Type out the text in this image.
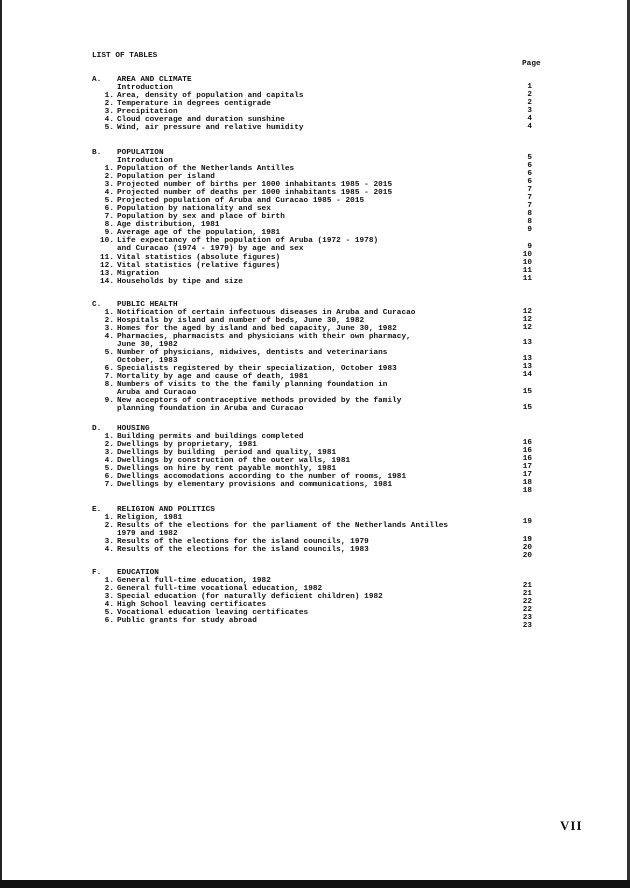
LIST OF TABLES
Page
A. AREA AND CLIMATE
Introduction
1. Area, density of population and capitals
2. Temperature in degrees centigrade
3. Precipitation
4. Cloud coverage and duration sunshine
5. Wind, air pressure and relative humidity
1
2
2
3
4
4
B. POPULATION
Introduction
1. Population of the Netherlands Antilles
2. Population per island
3. Projected number of births per 1000 inhabitants 1985 - 2015
4. Projected number of deaths per 1000 inhabitants 1985 - 2015
5. Projected population of Aruba and Curacao 1985 - 2015
6. Population by nationality and sex
7. Population by sex and place of birth
8. Age distribution, 1981
9. Average age of the population, 1981
10. Life expectancy of the population of Aruba (1972 - 1978)
and Curacao (1974 - 1979) by age and sex
11. Vital statistics (absolute figures)
12. Vital statistics (relative figures)
13. Migration
14. Households by tipe and size
5
6
6
6
7
7
7
8
8
9
9
10
10
11
11
C. PUBLIC HEALTH
1. Notification of certain infectuous diseases in Aruba and Curacao
2. Hospitals by island and number of beds, June 30, 1982
3. Homes for the aged by island and bed capacity, June 30, 1982
4. Pharmacies, pharmacists and physicians with their own pharmacy,
June 30, 1982
5. Number of physicians, midwives, dentists and veterinarians
October, 1983
6. Specialists registered by their specialization, October 1983
7. Mortality by age and cause of death, 1981
8. Numbers of visits to the the family planning foundation in
Aruba and Curacao
9. New acceptors of contraceptive methods provided by the family
planning foundation in Aruba and Curacao
12
12
12
13
13
13
14
15
15
D. HOUSING
1. Building permits and buildings completed
2. Dwellings by proprietary, 1981
3. Dwellings by building  period and quality, 1981
4. Dwellings by construction of the outer walls, 1981
5. Dwellings on hire by rent payable monthly, 1981
6. Dwellings accomodations according to the number of rooms, 1981
7. Dwellings by elementary provisions and communications, 1981
16
16
16
17
17
18
18
E. RELIGION AND POLITICS
1. Religion, 1981
2. Results of the elections for the parliament of the Netherlands Antilles
1979 and 1982
3. Results of the elections for the island councils, 1979
4. Results of the elections for the island councils, 1983
19
19
20
20
F. EDUCATION
1. General full-time education, 1982
2. General full-time vocational education, 1982
3. Special education (for naturally deficient children) 1982
4. High School leaving certificates
5. Vocational education leaving certificates
6. Public grants for study abroad
21
21
22
22
23
23
VII
